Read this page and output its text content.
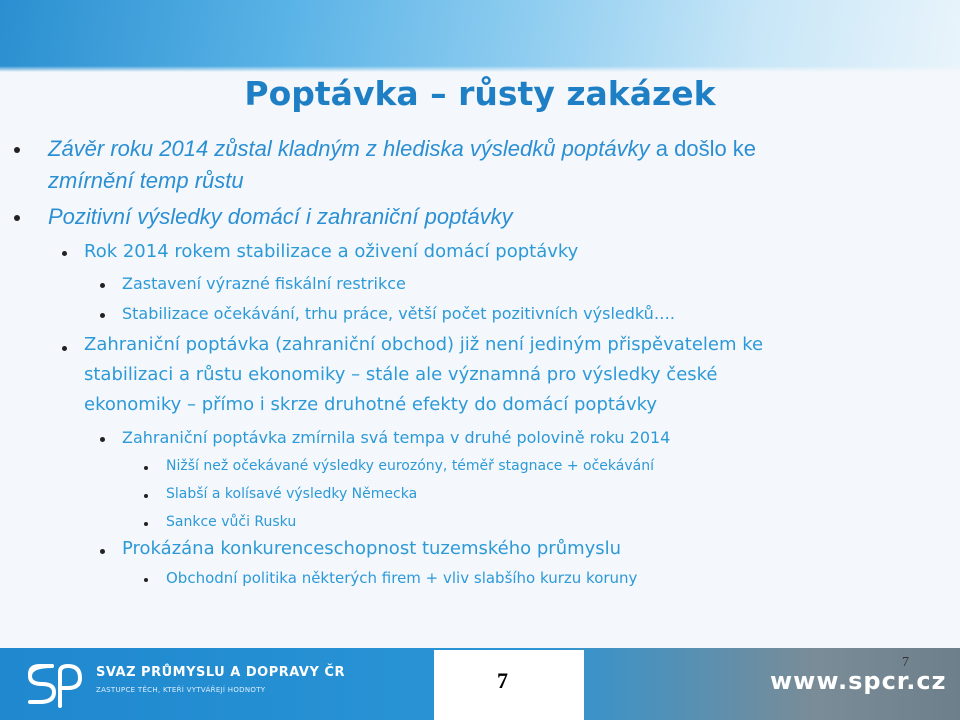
Poptávka – růsty zakázek
Závěr roku 2014 zůstal kladným z hlediska výsledků poptávky a došlo ke
zmírnění temp růstu
Pozitivní výsledky domácí i zahraniční poptávky
Rok 2014 rokem stabilizace a oživení domácí poptávky
Zastavení výrazné fiskální restrikce
Stabilizace očekávání, trhu práce, větší počet pozitivních výsledků….
Zahraniční poptávka (zahraniční obchod) již není jediným přispěvatelem ke
stabilizaci a růstu ekonomiky – stále ale významná pro výsledky české
ekonomiky – přímo i skrze druhotné efekty do domácí poptávky
Zahraniční poptávka zmírnila svá tempa v druhé polovině roku 2014
Nižší než očekávané výsledky eurozóny, téměř stagnace + očekávání
Slabší a kolísavé výsledky Německa
Sankce vůči Rusku
Prokázána konkurenceschopnost tuzemského průmyslu
Obchodní politika některých firem + vliv slabšího kurzu koruny
SVAZ PRŮMYSLU A DOPRAVY ČR
ZASTUPCE TĚCH, KTEŘÍ VYTVÁŘEJÍ HODNOTY	7
7
www.spcr.cz
